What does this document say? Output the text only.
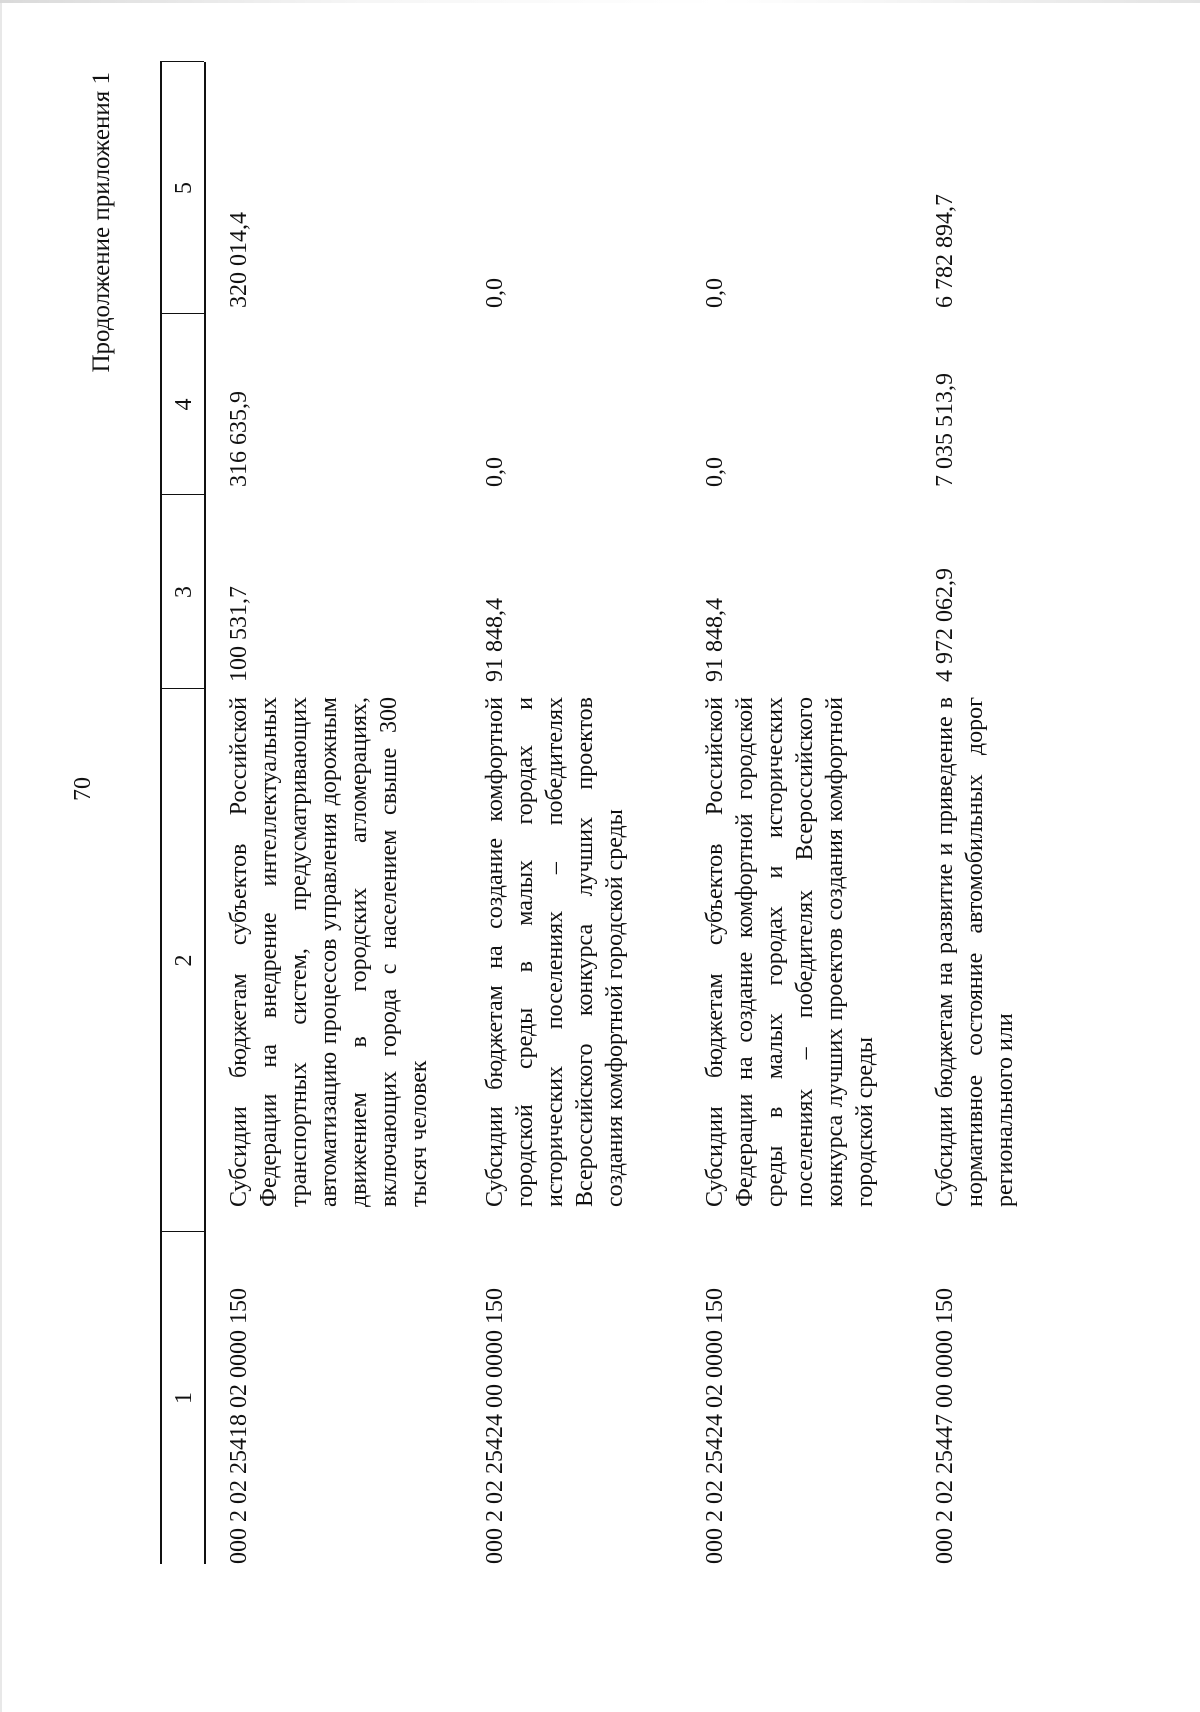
70
Продолжение приложения 1
1
2
3
4
5
000 2 02 25418 02 0000 150
Субсидии бюджетам субъектов Российской Федерации на внедрение интеллектуальных транспортных систем, предусматривающих автоматизацию процессов управления дорожным движением в городских агломерациях, включающих города с населением свыше 300 тысяч человек
100 531,7
316 635,9
320 014,4
000 2 02 25424 00 0000 150
Субсидии бюджетам на создание комфортной городской среды в малых городах и исторических поселениях – победителях Всероссийского конкурса лучших проектов создания комфортной городской среды
91 848,4
0,0
0,0
000 2 02 25424 02 0000 150
Субсидии бюджетам субъектов Российской Федерации на создание комфортной городской среды в малых городах и исторических поселениях – победителях Всероссийского конкурса лучших проектов создания комфортной городской среды
91 848,4
0,0
0,0
000 2 02 25447 00 0000 150
Субсидии бюджетам на развитие и приведение в нормативное состояние автомобильных дорог регионального или
4 972 062,9
7 035 513,9
6 782 894,7
